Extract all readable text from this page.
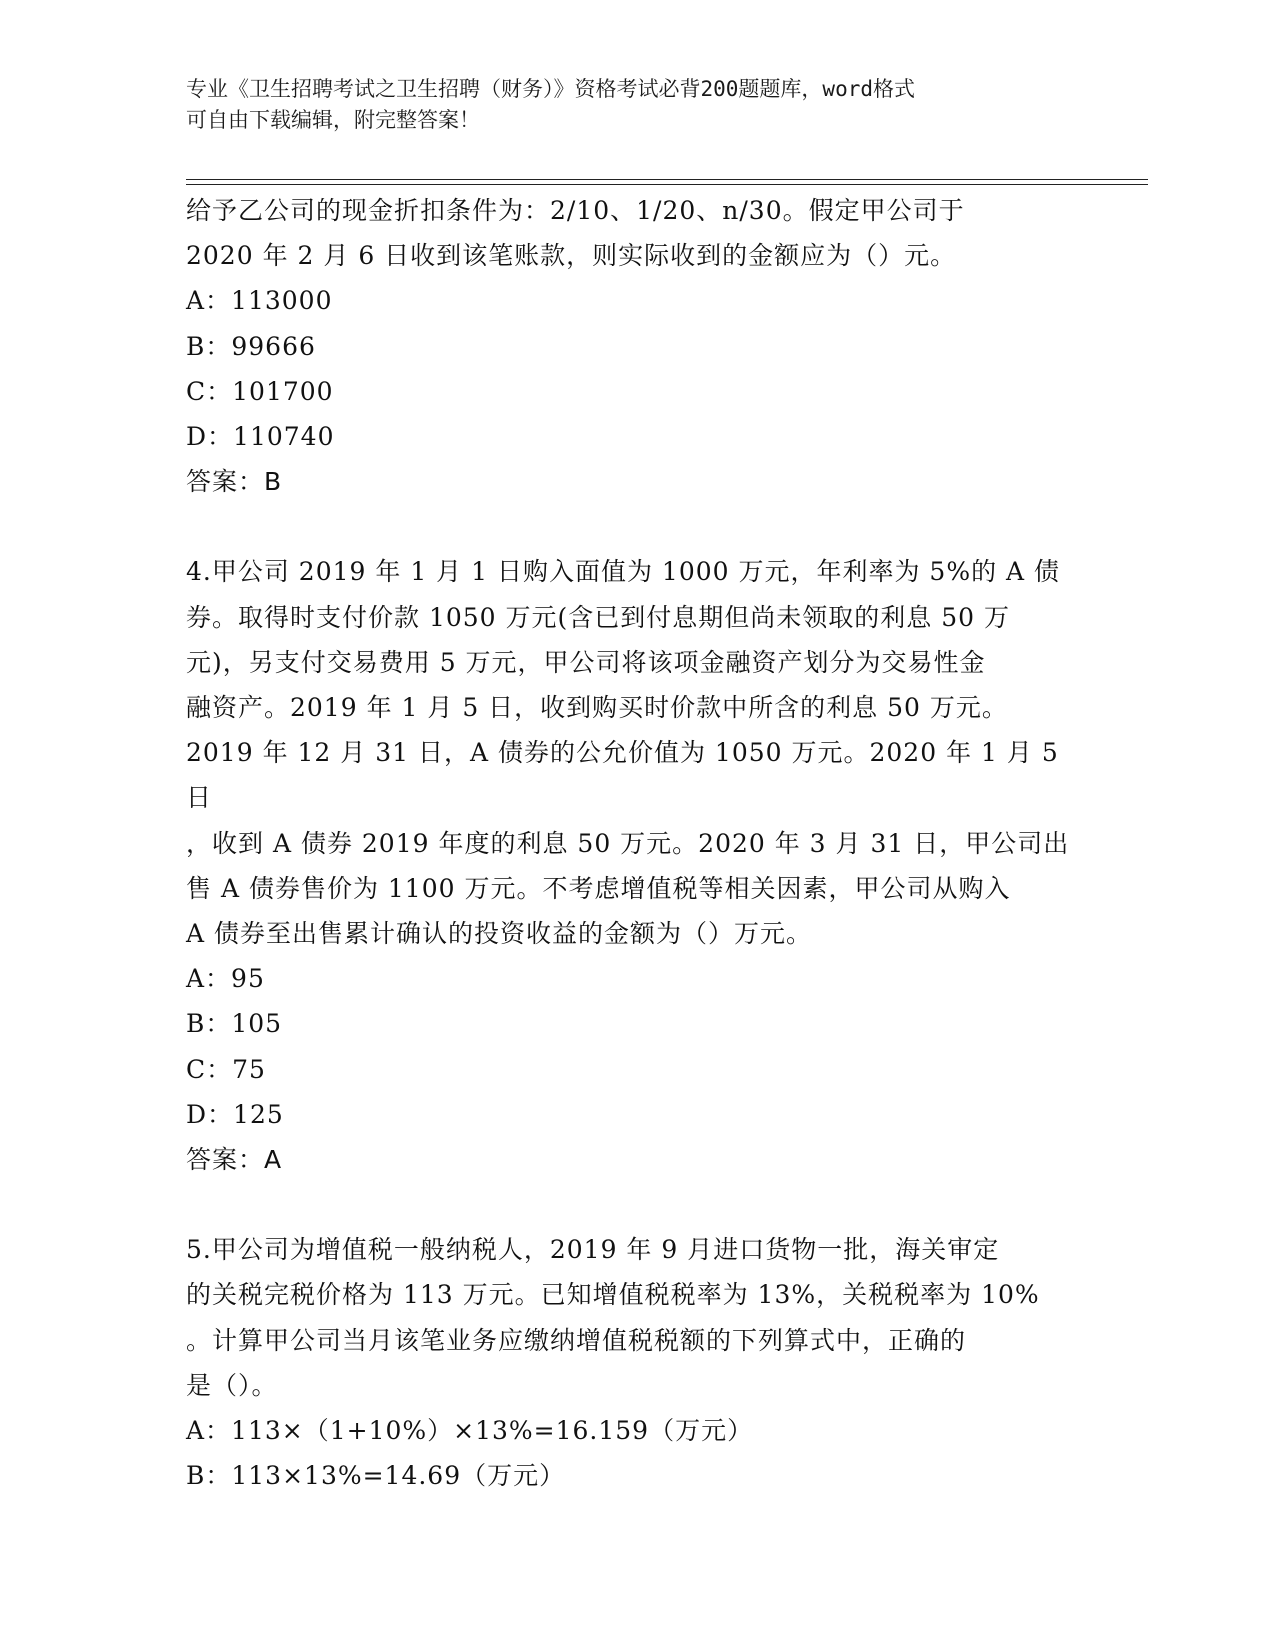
专业《卫生招聘考试之卫生招聘（财务）》资格考试必背200题题库，word格式
可自由下载编辑，附完整答案！

给予乙公司的现金折扣条件为：2/10、1/20、n/30。假定甲公司于

2020 年 2 月 6 日收到该笔账款，则实际收到的金额应为（）元。

A：113000

B：99666

C：101700

D：110740

答案：B

4.甲公司 2019 年 1 月 1 日购入面值为 1000 万元，年利率为 5%的 A 债

券。取得时支付价款 1050 万元(含已到付息期但尚未领取的利息 50 万

元)，另支付交易费用 5 万元，甲公司将该项金融资产划分为交易性金

融资产。2019 年 1 月 5 日，收到购买时价款中所含的利息 50 万元。

2019 年 12 月 31 日，A 债券的公允价值为 1050 万元。2020 年 1 月 5 日

，收到 A 债券 2019 年度的利息 50 万元。2020 年 3 月 31 日，甲公司出

售 A 债券售价为 1100 万元。不考虑增值税等相关因素，甲公司从购入

A 债券至出售累计确认的投资收益的金额为（）万元。

A：95

B：105

C：75

D：125

答案：A

5.甲公司为增值税一般纳税人，2019 年 9 月进口货物一批，海关审定

的关税完税价格为 113 万元。已知增值税税率为 13%，关税税率为 10%

。计算甲公司当月该笔业务应缴纳增值税税额的下列算式中，正确的

是（）。

A：113×（1+10%）×13%=16.159（万元）

B：113×13%=14.69（万元）
